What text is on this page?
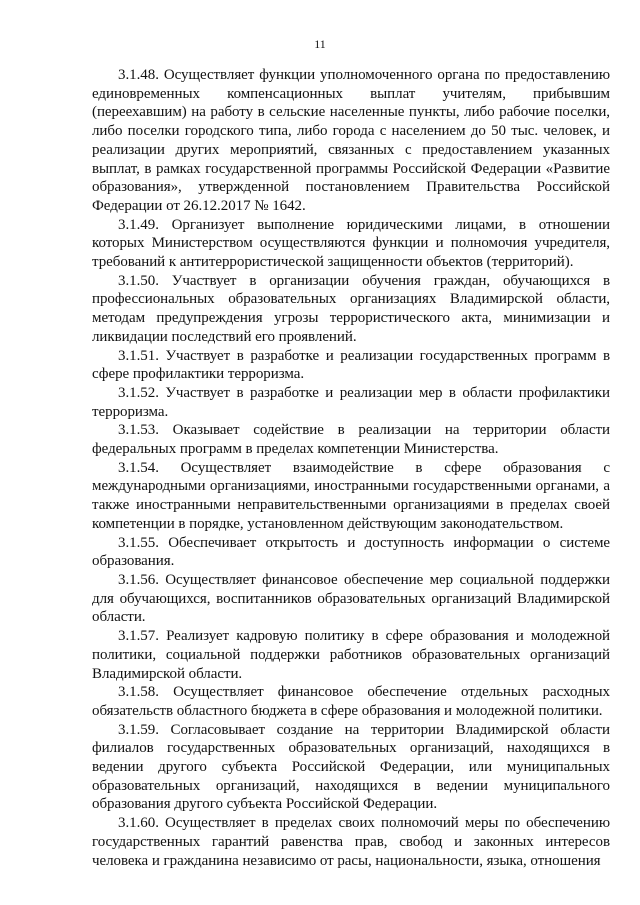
11

3.1.48. Осуществляет функции уполномоченного органа по предоставлению единовременных компенсационных выплат учителям, прибывшим (переехавшим) на работу в сельские населенные пункты, либо рабочие поселки, либо поселки городского типа, либо города с населением до 50 тыс. человек, и реализации других мероприятий, связанных с предоставлением указанных выплат, в рамках государственной программы Российской Федерации «Развитие образования», утвержденной постановлением Правительства Российской Федерации от 26.12.2017 № 1642.

3.1.49. Организует выполнение юридическими лицами, в отношении которых Министерством осуществляются функции и полномочия учредителя, требований к антитеррористической защищенности объектов (территорий).

3.1.50. Участвует в организации обучения граждан, обучающихся в профессиональных образовательных организациях Владимирской области, методам предупреждения угрозы террористического акта, минимизации и ликвидации последствий его проявлений.

3.1.51. Участвует в разработке и реализации государственных программ в сфере профилактики терроризма.

3.1.52. Участвует в разработке и реализации мер в области профилактики терроризма.

3.1.53. Оказывает содействие в реализации на территории области федеральных программ в пределах компетенции Министерства.

3.1.54. Осуществляет взаимодействие в сфере образования с международными организациями, иностранными государственными органами, а также иностранными неправительственными организациями в пределах своей компетенции в порядке, установленном действующим законодательством.

3.1.55. Обеспечивает открытость и доступность информации о системе образования.

3.1.56. Осуществляет финансовое обеспечение мер социальной поддержки для обучающихся, воспитанников образовательных организаций Владимирской области.

3.1.57. Реализует кадровую политику в сфере образования и молодежной политики, социальной поддержки работников образовательных организаций Владимирской области.

3.1.58. Осуществляет финансовое обеспечение отдельных расходных обязательств областного бюджета в сфере образования и молодежной политики.

3.1.59. Согласовывает создание на территории Владимирской области филиалов государственных образовательных организаций, находящихся в ведении другого субъекта Российской Федерации, или муниципальных образовательных организаций, находящихся в ведении муниципального образования другого субъекта Российской Федерации.

3.1.60. Осуществляет в пределах своих полномочий меры по обеспечению государственных гарантий равенства прав, свобод и законных интересов человека и гражданина независимо от расы, национальности, языка, отношения
